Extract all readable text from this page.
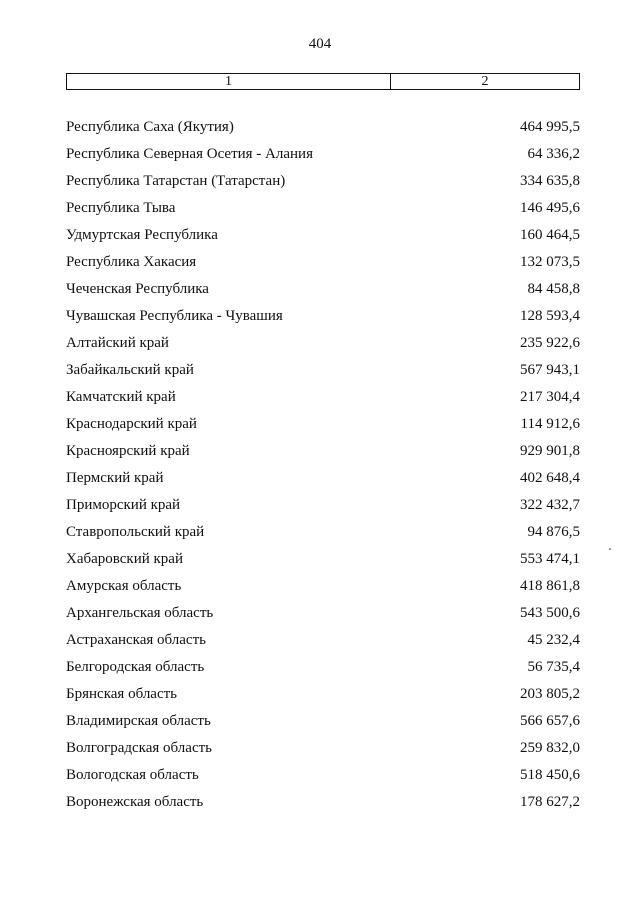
404
1	2
Республика Саха (Якутия)	464 995,5
Республика Северная Осетия - Алания	64 336,2
Республика Татарстан (Татарстан)	334 635,8
Республика Тыва	146 495,6
Удмуртская Республика	160 464,5
Республика Хакасия	132 073,5
Чеченская Республика	84 458,8
Чувашская Республика - Чувашия	128 593,4
Алтайский край	235 922,6
Забайкальский край	567 943,1
Камчатский край	217 304,4
Краснодарский край	114 912,6
Красноярский край	929 901,8
Пермский край	402 648,4
Приморский край	322 432,7
Ставропольский край	94 876,5
Хабаровский край	553 474,1
Амурская область	418 861,8
Архангельская область	543 500,6
Астраханская область	45 232,4
Белгородская область	56 735,4
Брянская область	203 805,2
Владимирская область	566 657,6
Волгоградская область	259 832,0
Вологодская область	518 450,6
Воронежская область	178 627,2
